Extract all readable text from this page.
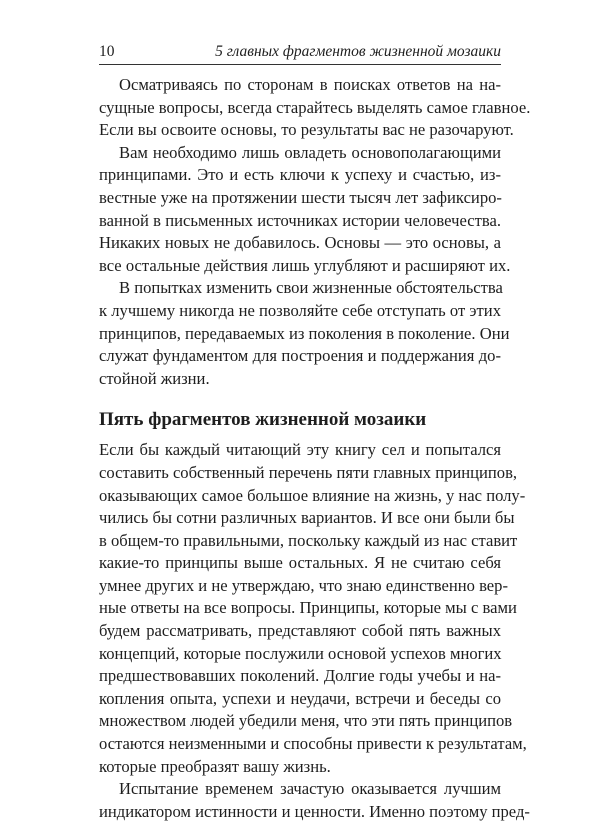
10	5 главных фрагментов жизненной мозаики
Осматриваясь по сторонам в поисках ответов на на-
сущные вопросы, всегда старайтесь выделять самое главное.
Если вы освоите основы, то результаты вас не разочаруют.
Вам необходимо лишь овладеть основополагающими
принципами. Это и есть ключи к успеху и счастью, из-
вестные уже на протяжении шести тысяч лет зафиксиро-
ванной в письменных источниках истории человечества.
Никаких новых не добавилось. Основы — это основы, а
все остальные действия лишь углубляют и расширяют их.
В попытках изменить свои жизненные обстоятельства
к лучшему никогда не позволяйте себе отступать от этих
принципов, передаваемых из поколения в поколение. Они
служат фундаментом для построения и поддержания до-
стойной жизни.
Пять фрагментов жизненной мозаики
Если бы каждый читающий эту книгу сел и попытался
составить собственный перечень пяти главных принципов,
оказывающих самое большое влияние на жизнь, у нас полу-
чились бы сотни различных вариантов. И все они были бы
в общем-то правильными, поскольку каждый из нас ставит
какие-то принципы выше остальных. Я не считаю себя
умнее других и не утверждаю, что знаю единственно вер-
ные ответы на все вопросы. Принципы, которые мы с вами
будем рассматривать, представляют собой пять важных
концепций, которые послужили основой успехов многих
предшествовавших поколений. Долгие годы учебы и на-
копления опыта, успехи и неудачи, встречи и беседы со
множеством людей убедили меня, что эти пять принципов
остаются неизменными и способны привести к результатам,
которые преобразят вашу жизнь.
Испытание временем зачастую оказывается лучшим
индикатором истинности и ценности. Именно поэтому пред-
